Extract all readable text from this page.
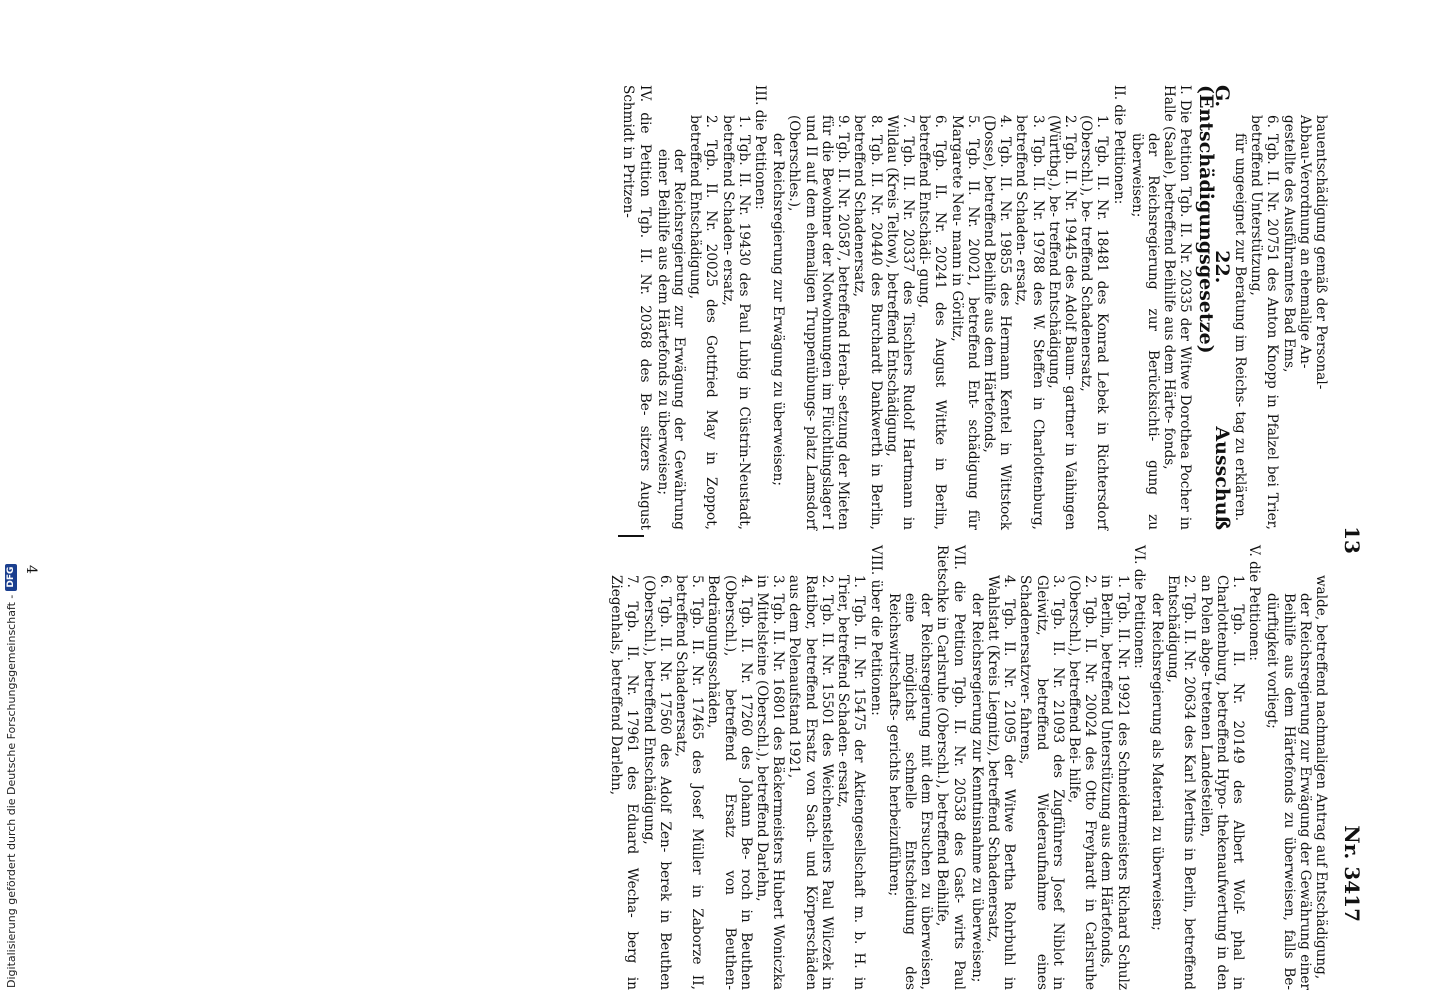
13
Nr. 3417
bauentschädigung gemäß der Personal-
Abbau-Verordnung an ehemalige An-
gestellte des Ausführamtes Bad Ems,
6. Tgb. II. Nr. 20751 des Anton Knopp in Pfalzel bei Trier, betreffend Unterstützung,
für ungeeignet zur Beratung im Reichs- tag zu erklären.
G. 22. Ausschuß (Entschädigungsgesetze)
I. Die Petition Tgb. II. Nr. 20335 der Witwe Dorothea Pocher in Halle (Saale), betreffend Beihilfe aus dem Härte- fonds,
der Reichsregierung zur Berücksichti- gung zu überweisen;
II. die Petitionen:
1. Tgb. II. Nr. 18481 des Konrad Lebek in Richtersdorf (Oberschl.), be- treffend Schadenersatz,
2. Tgb. II. Nr. 19445 des Adolf Baum- gartner in Vaihingen (Württbg.), be- treffend Entschädigung,
3. Tgb. II. Nr. 19788 des W. Steffen in Charlottenburg, betreffend Schaden- ersatz,
4. Tgb. II. Nr. 19855 des Hermann Kentel in Wittstock (Dosse), betreffend Beihilfe aus dem Härtefonds,
5. Tgb. II. Nr. 20021, betreffend Ent- schädigung für Margarete Neu- mann in Görlitz,
6. Tgb. II. Nr. 20241 des August Wittke in Berlin, betreffend Entschädi- gung,
7. Tgb. II. Nr. 20337 des Tischlers Rudolf Hartmann in Wildau (Kreis Teltow), betreffend Entschädigung,
8. Tgb. II. Nr. 20440 des Burchardt Dankwerth in Berlin, betreffend Schadenersatz,
9. Tgb. II. Nr. 20587, betreffend Herab- setzung der Mieten für die Bewohner der Notwohnungen im Flüchtlingslager I und II auf dem ehemaligen Truppenübungs- platz Lamsdorf (Oberschles.),
der Reichsregierung zur Erwägung zu überweisen;
III. die Petitionen:
1. Tgb. II. Nr. 19430 des Paul Lubig in Cüstrin-Neustadt, betreffend Schaden- ersatz,
2. Tgb. II. Nr. 20025 des Gottfried May in Zoppot, betreffend Entschädigung,
der Reichsregierung zur Erwägung der Gewährung einer Beihilfe aus dem Härtefonds zu überweisen;
IV. die Petition Tgb. II. Nr. 20368 des Be- sitzers August Schmidt in Pritzen-
walde, betreffend nachmaligen Antrag auf Entschädigung,
der Reichsregierung zur Erwägung der Gewährung einer Beihilfe aus dem Härtefonds zu überweisen, falls Be- dürftigkeit vorliegt;
V. die Petitionen:
1. Tgb. II. Nr. 20149 des Albert Wolf- phal in Charlottenburg, betreffend Hypo- thekenaufwertung in den an Polen abge- tretenen Landesteilen,
2. Tgb. II. Nr. 20634 des Karl Mertins in Berlin, betreffend Entschädigung,
der Reichsregierung als Material zu überweisen;
VI. die Petitionen:
1. Tgb. II. Nr. 19921 des Schneidermeisters Richard Schulz in Berlin, betreffend Unterstützung aus dem Härtefonds,
2. Tgb. II. Nr. 20024 des Otto Freyhardt in Carlsruhe (Oberschl.), betreffend Bei- hilfe,
3. Tgb. II. Nr. 21093 des Zugführers Josef Niblot in Gleiwitz, betreffend Wiederaufnahme eines Schadenersatzver- fahrens,
4. Tgb. II. Nr. 21095 der Witwe Bertha Rohrbuhl in Wahlstatt (Kreis Liegnitz), betreffend Schadenersatz,
der Reichsregierung zur Kenntnisnahme zu überweisen;
VII. die Petition Tgb. II. Nr. 20538 des Gast- wirts Paul Rietschke in Carlsruhe (Oberschl.), betreffend Beihilfe,
der Reichsregierung mit dem Ersuchen zu überweisen, eine möglichst schnelle Entscheidung des Reichswirtschafts- gerichts herbeizuführen;
VIII. über die Petitionen:
1. Tgb. II. Nr. 15475 der Aktiengesellschaft m. b. H. in Trier, betreffend Schaden- ersatz,
2. Tgb. II. Nr. 15501 des Weichenstellers Paul Wilczek in Ratibor, betreffend Ersatz von Sach- und Körperschäden aus dem Polenaufstand 1921,
3. Tgb. II. Nr. 16801 des Bäckermeisters Hubert Woniczka in Mittelsteine (Oberschl.), betreffend Darlehn,
4. Tgb. II. Nr. 17260 des Johann Be- roch in Beuthen (Oberschl.), betreffend Ersatz von Beuthen-Bedrängungsschäden,
5. Tgb. II. Nr. 17465 des Josef Müller in Zaborze II, betreffend Schadenersatz,
6. Tgb. II. Nr. 17560 des Adolf Zen- berek in Beuthen (Oberschl.), betreffend Entschädigung,
7. Tgb. II. Nr. 17961 des Eduard Wecha- berg in Ziegenhals, betreffend Darlehn,
4
Digitalisierung gefördert durch die Deutsche Forschungsgemeinschaft -
DFG
